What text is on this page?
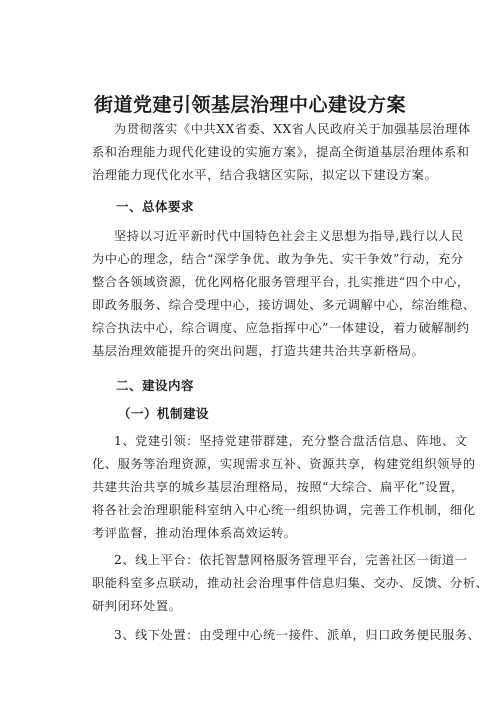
街道党建引领基层治理中心建设方案
为贯彻落实《中共XX省委、XX省人民政府关于加强基层治理体
系和治理能力现代化建设的实施方案》，提高全街道基层治理体系和
治理能力现代化水平，结合我辖区实际，拟定以下建设方案。
一、总体要求
坚持以习近平新时代中国特色社会主义思想为指导,践行以人民
为中心的理念，结合“深学争优、敢为争先、实干争效”行动，充分
整合各领域资源，优化网格化服务管理平台，扎实推进“四个中心，
即政务服务、综合受理中心，接访调处、多元调解中心，综治维稳、
综合执法中心，综合调度、应急指挥中心”一体建设，着力破解制约
基层治理效能提升的突出问题，打造共建共治共享新格局。
二、建设内容
（一）机制建设
1、党建引领：坚持党建带群建，充分整合盘活信息、阵地、文
化、服务等治理资源，实现需求互补、资源共享，构建党组织领导的
共建共治共享的城乡基层治理格局，按照“大综合、扁平化”设置，
将各社会治理职能科室纳入中心统一组织协调，完善工作机制，细化
考评监督，推动治理体系高效运转。
2、线上平台：依托智慧网格服务管理平台，完善社区一街道一
职能科室多点联动，推动社会治理事件信息归集、交办、反馈、分析、
研判闭环处置。
3、线下处置：由受理中心统一接件、派单，归口政务便民服务、
